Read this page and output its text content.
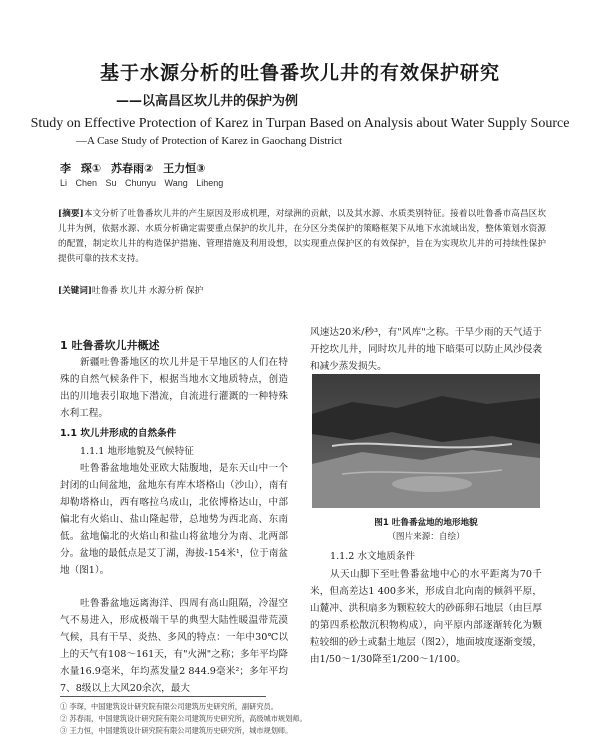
基于水源分析的吐鲁番坎儿井的有效保护研究
——以高昌区坎儿井的保护为例
Study on Effective Protection of Karez in Turpan Based on Analysis about Water Supply Source
—A Case Study of Protection of Karez in Gaochang District
李 琛① 苏春雨② 王力恒③
Li Chen Su Chunyu Wang Liheng
[摘要]本文分析了吐鲁番坎儿井的产生原因及形成机理，对绿洲的贡献，以及其水源、水质类别特征。接着以吐鲁番市高昌区坎儿井为例，依据水源、水质分析确定需要重点保护的坎儿井，在分区分类保护的策略框架下从地下水流域出发，整体策划水资源的配置，制定坎儿井的构造保护措施、管理措施及利用设想，以实现重点保护区的有效保护，旨在为实现坎儿井的可持续性保护提供可靠的技术支持。
[关键词]吐鲁番 坎儿井 水源分析 保护
1 吐鲁番坎儿井概述
新疆吐鲁番地区的坎儿井是干旱地区的人们在特殊的自然气候条件下，根据当地水文地质特点，创造出的川地表引取地下潜流，自流进行灌溉的一种特殊水利工程。
1.1 坎儿井形成的自然条件
1.1.1 地形地貌及气候特征
吐鲁番盆地地处亚欧大陆腹地，是东天山中一个封闭的山间盆地，盆地东有库木塔格山（沙山），南有却勒塔格山，西有喀拉乌成山，北依博格达山，中部偏北有火焰山、盐山隆起带，总地势为西北高、东南低。盆地偏北的火焰山和盐山将盆地分为南、北两部分。盆地的最低点是艾丁湖，海拔-154米¹，位于南盆地（图1）。
吐鲁番盆地远离海洋、四周有高山阻隔，冷湿空气不易进入，形成极端干旱的典型大陆性暖温带荒漠气候，具有干旱、炎热、多风的特点：一年中30℃以上的天气有108～161天，有"火洲"之称；多年平均降水量16.9毫米，年均蒸发量2 844.9毫米²；多年平均7、8级以上大风20余次，最大
风速达20米/秒³，有"风库"之称。干旱少雨的天气适于开挖坎儿井，同时坎儿井的地下暗渠可以防止风沙侵袭和减少蒸发损失。
图1 吐鲁番盆地的地形地貌
（图片来源：自绘）
1.1.2 水文地质条件
从天山脚下至吐鲁番盆地中心的水平距离为70千米，但高差达1 400多米，形成自北向南的倾斜平原，山麓冲、洪积扇多为颗粒较大的砂砾卵石地层（由巨厚的第四系松散沉积物构成），向平原内部逐渐转化为颗粒较细的砂土或黏土地层（图2），地面坡度逐渐变缓，由1/50～1/30降至1/200～1/100。
① 李琛，中国建筑设计研究院有限公司建筑历史研究所，副研究员。
② 苏春雨，中国建筑设计研究院有限公司建筑历史研究所，高级城市规划师。
③ 王力恒，中国建筑设计研究院有限公司建筑历史研究所，城市规划师。
